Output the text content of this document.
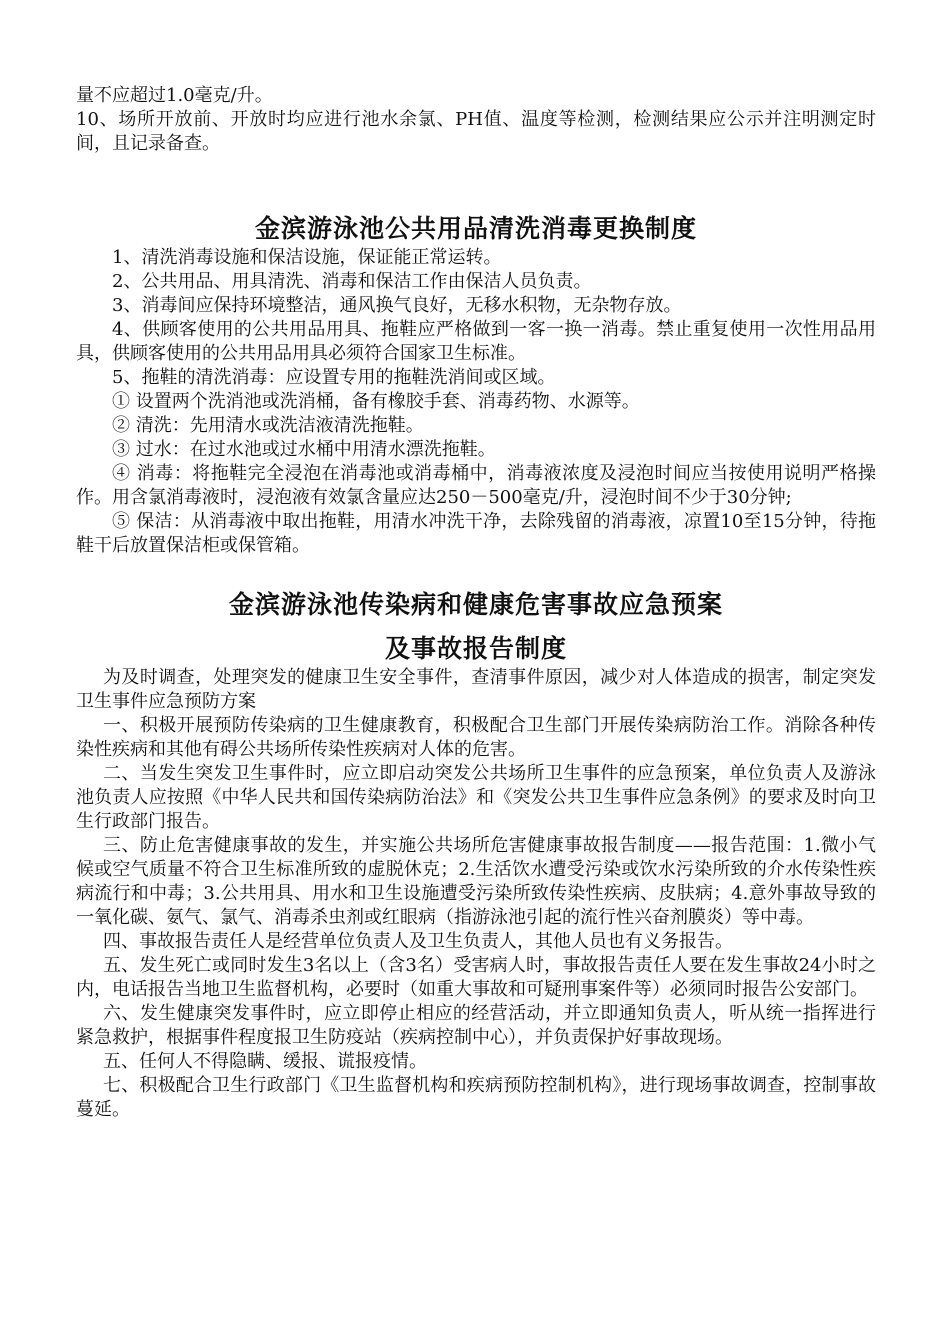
量不应超过1.0毫克/升。

10、场所开放前、开放时均应进行池水余氯、PH值、温度等检测，检测结果应公示并注明测定时间，且记录备查。

金滨游泳池公共用品清洗消毒更换制度

1、清洗消毒设施和保洁设施，保证能正常运转。

2、公共用品、用具清洗、消毒和保洁工作由保洁人员负责。

3、消毒间应保持环境整洁，通风换气良好，无移水积物，无杂物存放。

4、供顾客使用的公共用品用具、拖鞋应严格做到一客一换一消毒。禁止重复使用一次性用品用具，供顾客使用的公共用品用具必须符合国家卫生标准。

5、拖鞋的清洗消毒：应设置专用的拖鞋洗消间或区域。

① 设置两个洗消池或洗消桶，备有橡胶手套、消毒药物、水源等。

② 清洗：先用清水或洗洁液清洗拖鞋。

③ 过水：在过水池或过水桶中用清水漂洗拖鞋。

④ 消毒：将拖鞋完全浸泡在消毒池或消毒桶中，消毒液浓度及浸泡时间应当按使用说明严格操作。用含氯消毒液时，浸泡液有效氯含量应达250－500毫克/升，浸泡时间不少于30分钟;

⑤ 保洁：从消毒液中取出拖鞋，用清水冲洗干净，去除残留的消毒液，凉置10至15分钟，待拖鞋干后放置保洁柜或保管箱。

金滨游泳池传染病和健康危害事故应急预案
及事故报告制度

为及时调查，处理突发的健康卫生安全事件，查清事件原因，减少对人体造成的损害，制定突发卫生事件应急预防方案

一、积极开展预防传染病的卫生健康教育，积极配合卫生部门开展传染病防治工作。消除各种传染性疾病和其他有碍公共场所传染性疾病对人体的危害。

二、当发生突发卫生事件时，应立即启动突发公共场所卫生事件的应急预案，单位负责人及游泳池负责人应按照《中华人民共和国传染病防治法》和《突发公共卫生事件应急条例》的要求及时向卫生行政部门报告。

三、防止危害健康事故的发生，并实施公共场所危害健康事故报告制度——报告范围：1.微小气候或空气质量不符合卫生标准所致的虚脱休克；2.生活饮水遭受污染或饮水污染所致的介水传染性疾病流行和中毒；3.公共用具、用水和卫生设施遭受污染所致传染性疾病、皮肤病；4.意外事故导致的一氧化碳、氨气、氯气、消毒杀虫剂或红眼病（指游泳池引起的流行性兴奋剂膜炎）等中毒。

四、事故报告责任人是经营单位负责人及卫生负责人，其他人员也有义务报告。

五、发生死亡或同时发生3名以上（含3名）受害病人时，事故报告责任人要在发生事故24小时之内，电话报告当地卫生监督机构，必要时（如重大事故和可疑刑事案件等）必须同时报告公安部门。

六、发生健康突发事件时，应立即停止相应的经营活动，并立即通知负责人，听从统一指挥进行紧急救护，根据事件程度报卫生防疫站（疾病控制中心），并负责保护好事故现场。

五、任何人不得隐瞒、缓报、谎报疫情。

七、积极配合卫生行政部门《卫生监督机构和疾病预防控制机构》，进行现场事故调查，控制事故蔓延。
